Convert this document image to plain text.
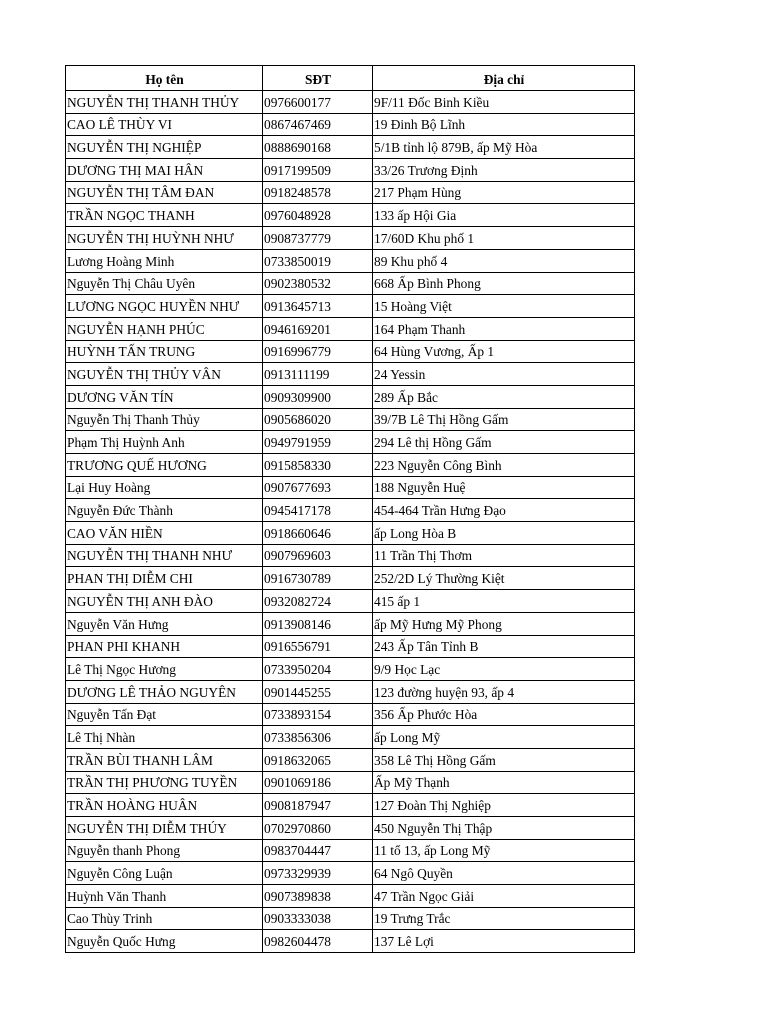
Họ tên	SĐT	Địa chỉ
NGUYỄN THỊ THANH THỦY	0976600177	9F/11 Đốc Binh Kiều
CAO LÊ THÙY VI	0867467469	19 Đinh Bộ Lĩnh
NGUYỄN THỊ NGHIỆP	0888690168	5/1B tỉnh lộ 879B, ấp Mỹ Hòa
DƯƠNG THỊ MAI HÂN	0917199509	33/26 Trương Định
NGUYỄN THỊ TÂM ĐAN	0918248578	217 Phạm Hùng
TRẦN NGỌC THANH	0976048928	133 ấp Hội Gia
NGUYỄN THỊ HUỲNH NHƯ	0908737779	17/60D Khu phố 1
Lương Hoàng Minh	0733850019	89 Khu phố 4
Nguyễn Thị Châu Uyên	0902380532	668 Ấp Bình Phong
LƯƠNG NGỌC HUYỀN NHƯ	0913645713	15 Hoàng Việt
NGUYỄN HẠNH PHÚC	0946169201	164 Phạm Thanh
HUỲNH TẤN TRUNG	0916996779	64 Hùng Vương, Ấp 1
NGUYỄN THỊ THỦY VÂN	0913111199	24 Yessin
DƯƠNG VĂN TÍN	0909309900	289 Ấp Bắc
Nguyễn Thị Thanh Thủy	0905686020	39/7B Lê Thị Hồng Gấm
Phạm Thị Huỳnh Anh	0949791959	294 Lê thị Hồng Gấm
TRƯƠNG QUẾ HƯƠNG	0915858330	223 Nguyễn Công Bình
Lại Huy Hoàng	0907677693	188 Nguyễn Huệ
Nguyễn Đức Thành	0945417178	454-464 Trần Hưng Đạo
CAO VĂN HIỀN	0918660646	ấp Long Hòa B
NGUYỄN THỊ THANH NHƯ	0907969603	11 Trần Thị Thơm
PHAN THỊ DIỄM CHI	0916730789	252/2D Lý Thường Kiệt
NGUYỄN THỊ ANH ĐÀO	0932082724	415 ấp 1
Nguyễn Văn Hưng	0913908146	ấp Mỹ Hưng Mỹ Phong
PHAN PHI KHANH	0916556791	243 Ấp Tân Tỉnh B
Lê Thị Ngọc Hương	0733950204	9/9 Học Lạc
DƯƠNG LÊ THẢO NGUYÊN	0901445255	123 đường huyện 93, ấp 4
Nguyễn Tấn Đạt	0733893154	356 Ấp Phước Hòa
Lê Thị Nhàn	0733856306	ấp Long Mỹ
TRẦN BÙI THANH LÂM	0918632065	358 Lê Thị Hồng Gấm
TRẦN THỊ PHƯƠNG TUYỀN	0901069186	Ấp Mỹ Thạnh
TRẦN HOÀNG HUÂN	0908187947	127 Đoàn Thị Nghiệp
NGUYỄN THỊ DIỄM THÚY	0702970860	450 Nguyễn Thị Thập
Nguyễn thanh Phong	0983704447	11 tổ 13, ấp Long Mỹ
Nguyễn Công Luận	0973329939	64 Ngô Quyền
Huỳnh Văn Thanh	0907389838	47 Trần Ngọc Giải
Cao Thùy Trinh	0903333038	19 Trưng Trắc
Nguyễn Quốc Hưng	0982604478	137 Lê Lợi
